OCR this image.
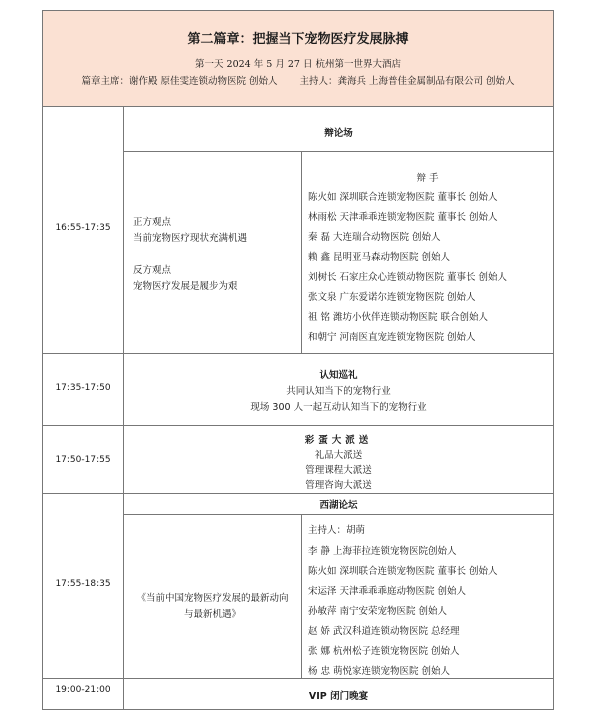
第二篇章：把握当下宠物医疗发展脉搏
第一天 2024 年 5 月 27 日 杭州第一世界大酒店
篇章主席：谢作殿 原佳雯连锁动物医院 创始人 主持人：龚海兵 上海普佳金属制品有限公司 创始人
16:55-17:35
辩论场
正方观点
当前宠物医疗现状充满机遇
反方观点
宠物医疗发展是履步为艰
辩 手
陈火如 深圳联合连锁宠物医院 董事长 创始人
林雨松 天津乖乖连锁宠物医院 董事长 创始人
秦 磊 大连瑞合动物医院 创始人
赖 鑫 昆明亚马森动物医院 创始人
刘树长 石家庄众心连锁动物医院 董事长 创始人
张文泉 广东爱诺尔连锁宠物医院 创始人
祖 铭 潍坊小伙伴连锁动物医院 联合创始人
和朝宁 河南医直宠连锁宠物医院 创始人
17:35-17:50
认知巡礼
共同认知当下的宠物行业
现场 300 人一起互动认知当下的宠物行业
17:50-17:55
彩蛋大派送
礼品大派送
管理课程大派送
管理咨询大派送
17:55-18:35
西湖论坛
《当前中国宠物医疗发展的最新动向
与最新机遇》
主持人：胡萌
李 静 上海菲拉连锁宠物医院创始人
陈火如 深圳联合连锁宠物医院 董事长 创始人
宋运泽 天津乖乖乖庭动物医院 创始人
孙敏萍 南宁安荣宠物医院 创始人
赵 娇 武汉科道连锁动物医院 总经理
张 娜 杭州松子连锁宠物医院 创始人
杨 忠 萌悦家连锁宠物医院 创始人
19:00-21:00
VIP 闭门晚宴
